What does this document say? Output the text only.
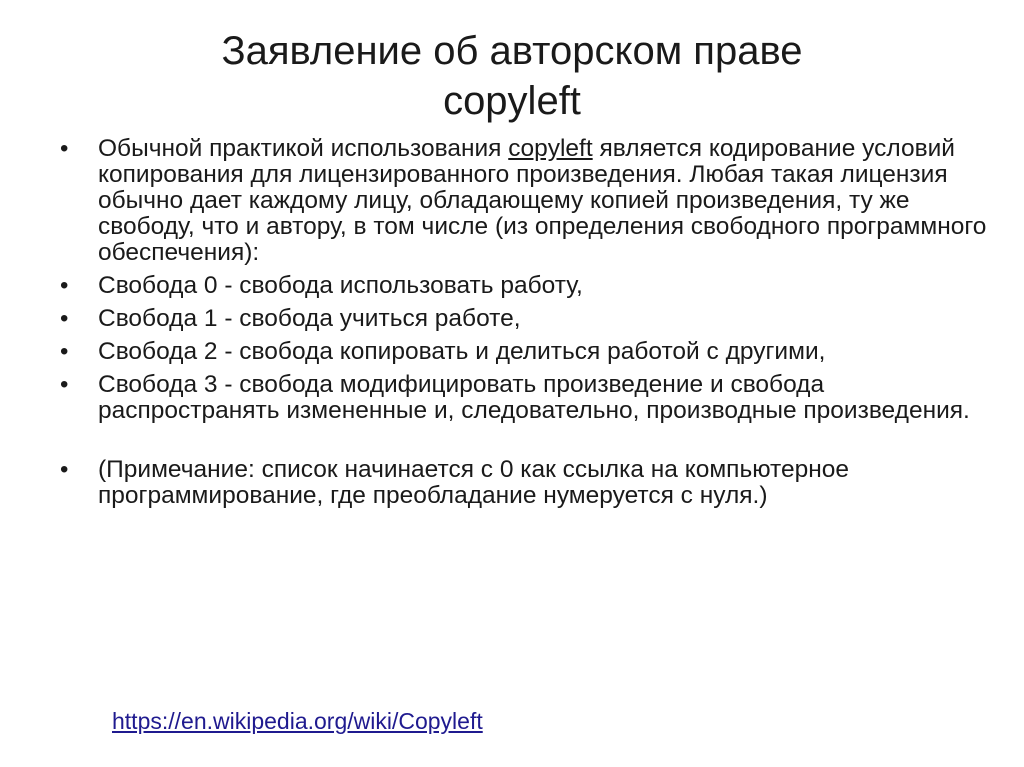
Заявление об авторском праве
copyleft
• Обычной практикой использования copyleft является кодирование условий копирования для лицензированного произведения. Любая такая лицензия обычно дает каждому лицу, обладающему копией произведения, ту же свободу, что и автору, в том числе (из определения свободного программного обеспечения):
• Свобода 0 - свобода использовать работу,
• Свобода 1 - свобода учиться работе,
• Свобода 2 - свобода копировать и делиться работой с другими,
• Свобода 3 - свобода модифицировать произведение и свобода распространять измененные и, следовательно, производные произведения.
• (Примечание: список начинается с 0 как ссылка на компьютерное программирование, где преобладание нумеруется с нуля.)
https://en.wikipedia.org/wiki/Copyleft
